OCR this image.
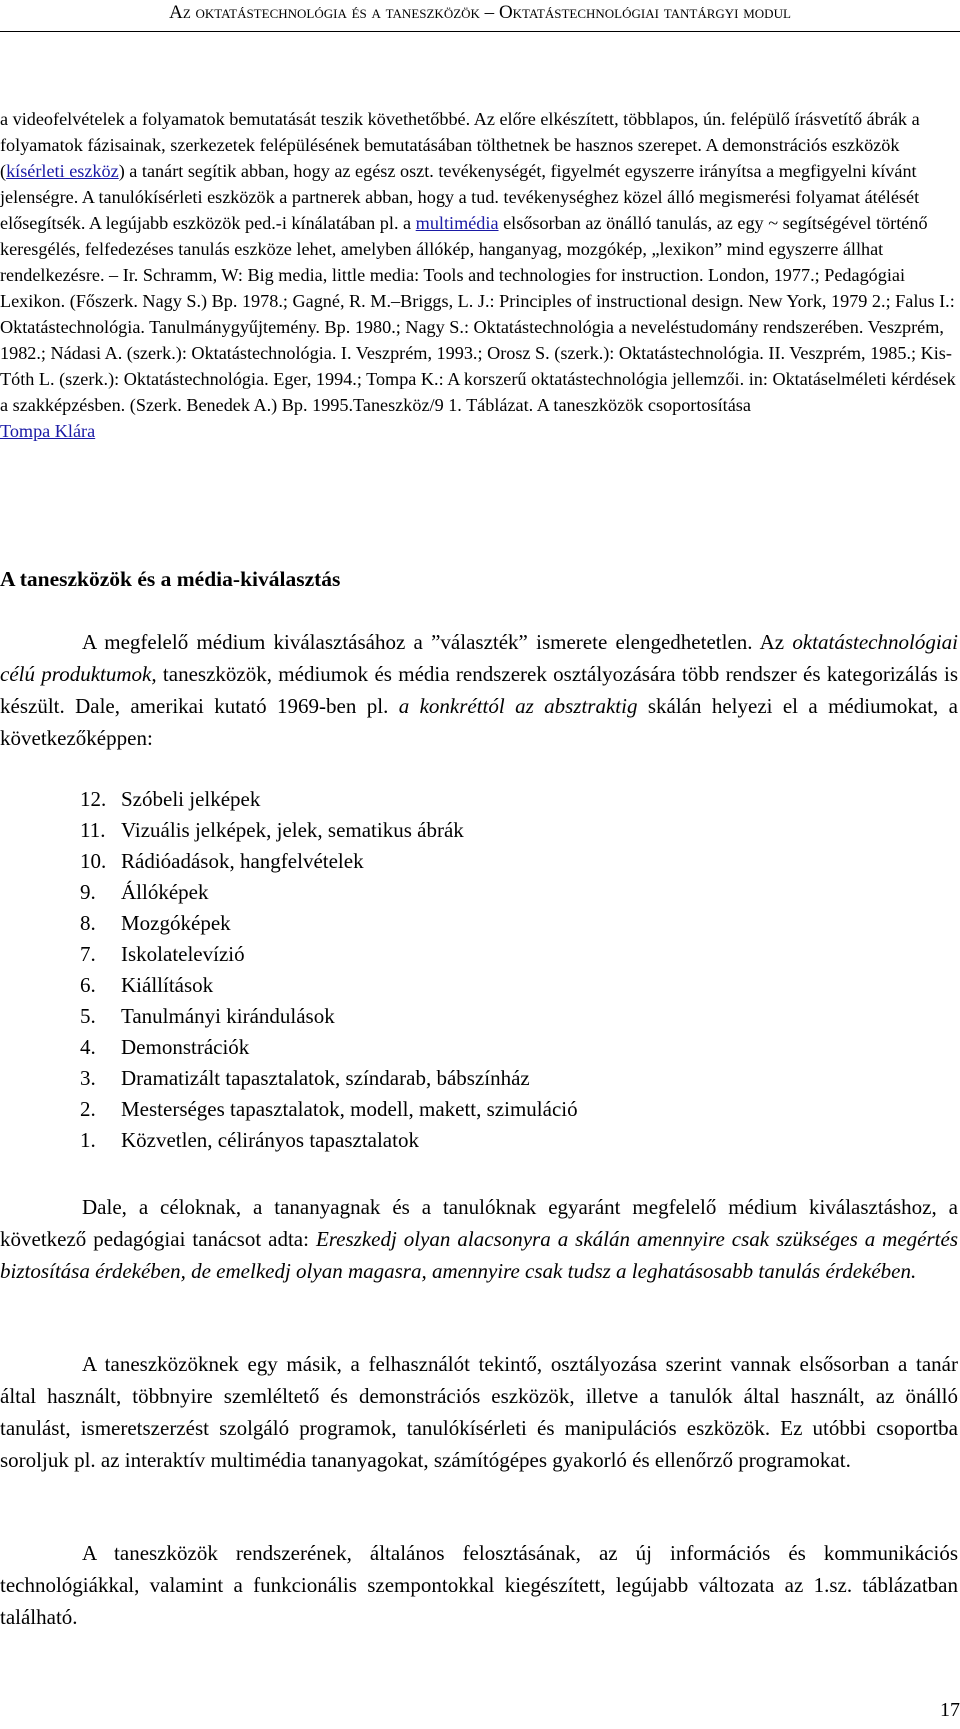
Az oktatástechnológia és a taneszközök – Oktatástechnológiai tantárgyi modul

a videofelvételek a folyamatok bemutatását teszik követhetőbbé. Az előre elkészített, többlapos, ún. felépülő írásvetítő ábrák a folyamatok fázisainak, szerkezetek felépülésének bemutatásában tölthetnek be hasznos szerepet. A demonstrációs eszközök (kísérleti eszköz) a tanárt segítik abban, hogy az egész oszt. tevékenységét, figyelmét egyszerre irányítsa a megfigyelni kívánt jelenségre. A tanulókísérleti eszközök a partnerek abban, hogy a tud. tevékenységhez közel álló megismerési folyamat átélését elősegítsék. A legújabb eszközök ped.-i kínálatában pl. a multimédia elsősorban az önálló tanulás, az egy ~ segítségével történő keresgélés, felfedezéses tanulás eszköze lehet, amelyben állókép, hanganyag, mozgókép, „lexikon” mind egyszerre állhat rendelkezésre. – Ir. Schramm, W: Big media, little media: Tools and technologies for instruction. London, 1977.; Pedagógiai Lexikon. (Főszerk. Nagy S.) Bp. 1978.; Gagné, R. M.–Briggs, L. J.: Principles of instructional design. New York, 1979 2.; Falus I.: Oktatástechnológia. Tanulmánygyűjtemény. Bp. 1980.; Nagy S.: Oktatástechnológia a neveléstudomány rendszerében. Veszprém, 1982.; Nádasi A. (szerk.): Oktatástechnológia. I. Veszprém, 1993.; Orosz S. (szerk.): Oktatástechnológia. II. Veszprém, 1985.; Kis-Tóth L. (szerk.): Oktatástechnológia. Eger, 1994.; Tompa K.: A korszerű oktatástechnológia jellemzői. in: Oktatáselméleti kérdések a szakképzésben. (Szerk. Benedek A.) Bp. 1995.Taneszköz/9 1. Táblázat. A taneszközök csoportosítása

Tompa Klára

A taneszközök és a média-kiválasztás

A megfelelő médium kiválasztásához a ”választék” ismerete elengedhetetlen. Az oktatástechnológiai célú produktumok, taneszközök, médiumok és média rendszerek osztályozására több rendszer és kategorizálás is készült. Dale, amerikai kutató 1969-ben pl. a konkréttól az absztraktig skálán helyezi el a médiumokat, a következőképpen:

12. Szóbeli jelképek
11. Vizuális jelképek, jelek, sematikus ábrák
10. Rádióadások, hangfelvételek
9.	Állóképek
8.	Mozgóképek
7.	Iskolatelevízió
6.	Kiállítások
5.	Tanulmányi kirándulások
4.	Demonstrációk
3.	Dramatizált tapasztalatok, színdarab, bábszínház
2.	Mesterséges tapasztalatok, modell, makett, szimuláció
1.	Közvetlen, célirányos tapasztalatok

Dale, a céloknak, a tananyagnak és a tanulóknak egyaránt megfelelő médium kiválasztáshoz, a következő pedagógiai tanácsot adta: Ereszkedj olyan alacsonyra a skálán amennyire csak szükséges a megértés biztosítása érdekében, de emelkedj olyan magasra, amennyire csak tudsz a leghatásosabb tanulás érdekében.

A taneszközöknek egy másik, a felhasználót tekintő, osztályozása szerint vannak elsősorban a tanár által használt, többnyire szemléltető és demonstrációs eszközök, illetve a tanulók által használt, az önálló tanulást, ismeretszerzést szolgáló programok, tanulókísérleti és manipulációs eszközök. Ez utóbbi csoportba soroljuk pl. az interaktív multimédia tananyagokat, számítógépes gyakorló és ellenőrző programokat.

A taneszközök rendszerének, általános felosztásának, az új információs és kommunikációs technológiákkal, valamint a funkcionális szempontokkal kiegészített, legújabb változata az 1.sz. táblázatban található.

17
